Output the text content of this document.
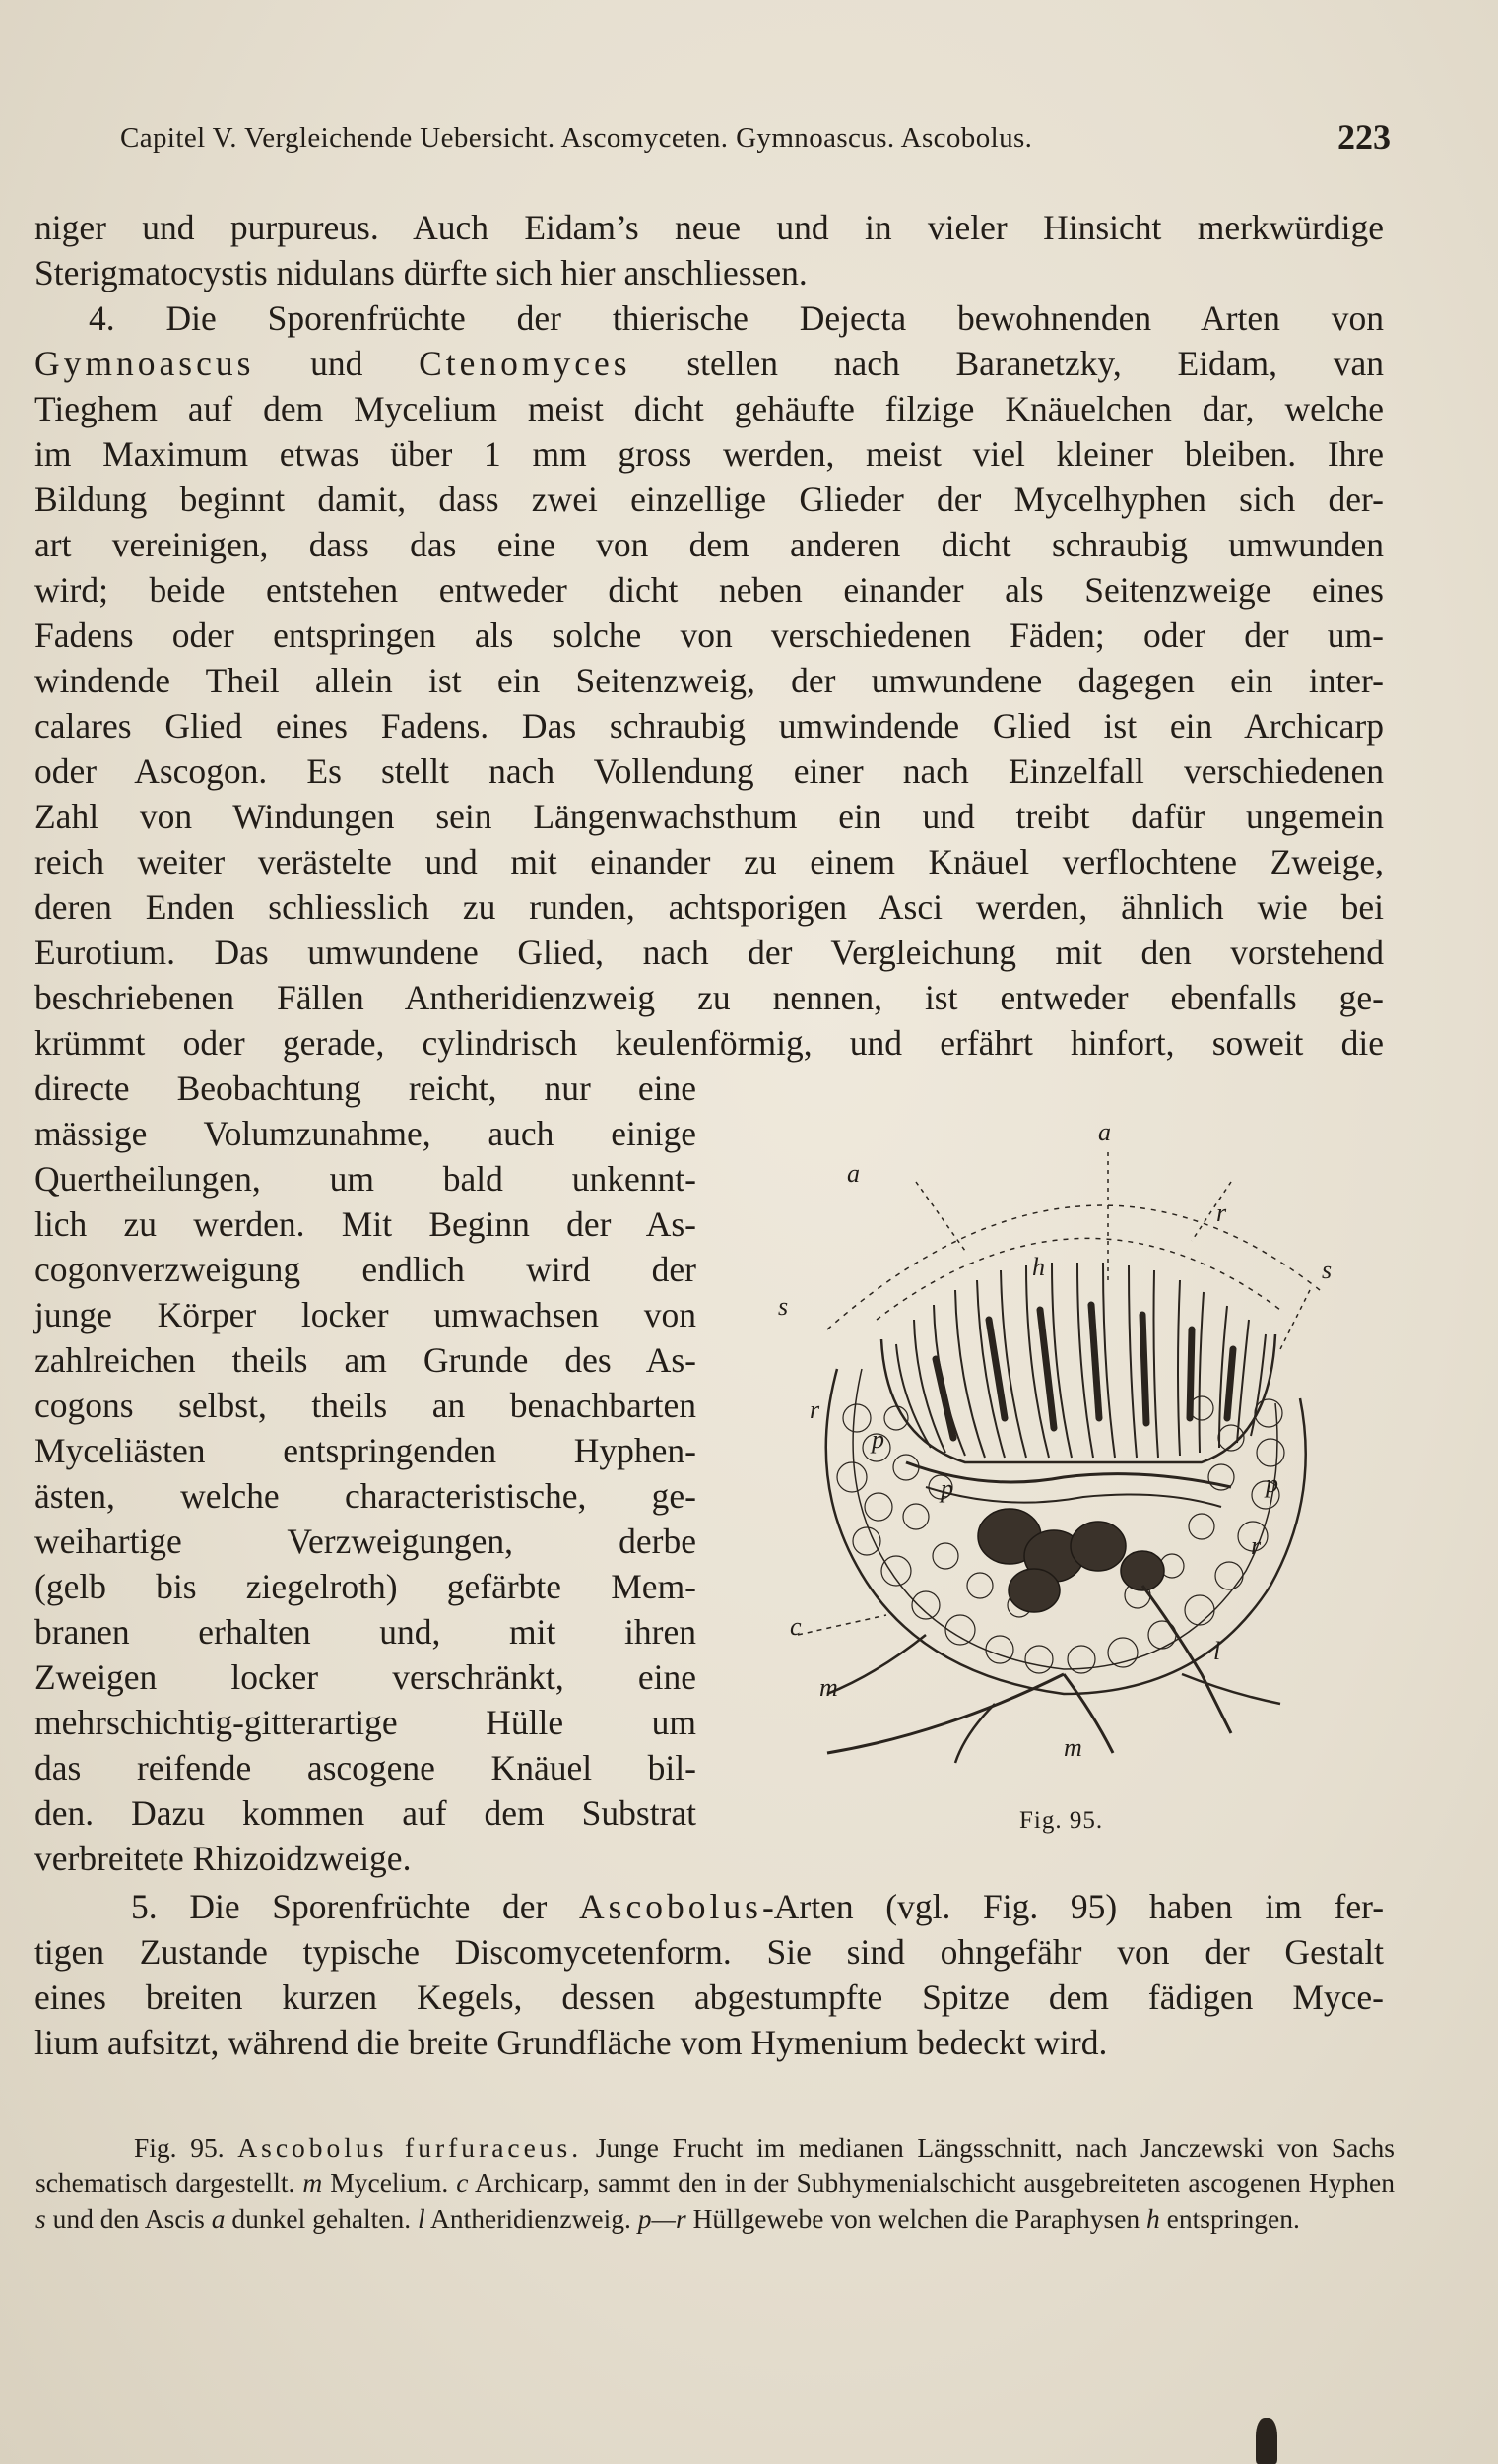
Capitel V. Vergleichende Uebersicht. Ascomyceten. Gymnoascus. Ascobolus.	223
niger und purpureus. Auch Eidam’s neue und in vieler Hinsicht merkwürdige
Sterigmatocystis nidulans dürfte sich hier anschliessen.
4. Die Sporenfrüchte der thierische Dejecta bewohnenden Arten von
Gymnoascus und Ctenomyces stellen nach Baranetzky, Eidam, van
Tieghem auf dem Mycelium meist dicht gehäufte filzige Knäuelchen dar, welche
im Maximum etwas über 1 mm gross werden, meist viel kleiner bleiben. Ihre
Bildung beginnt damit, dass zwei einzellige Glieder der Mycelhyphen sich der-
art vereinigen, dass das eine von dem anderen dicht schraubig umwunden
wird; beide entstehen entweder dicht neben einander als Seitenzweige eines
Fadens oder entspringen als solche von verschiedenen Fäden; oder der um-
windende Theil allein ist ein Seitenzweig, der umwundene dagegen ein inter-
calares Glied eines Fadens. Das schraubig umwindende Glied ist ein Archicarp
oder Ascogon. Es stellt nach Vollendung einer nach Einzelfall verschiedenen
Zahl von Windungen sein Längenwachsthum ein und treibt dafür ungemein
reich weiter verästelte und mit einander zu einem Knäuel verflochtene Zweige,
deren Enden schliesslich zu runden, achtsporigen Asci werden, ähnlich wie bei
Eurotium. Das umwundene Glied, nach der Vergleichung mit den vorstehend
beschriebenen Fällen Antheridienzweig zu nennen, ist entweder ebenfalls ge-
krümmt oder gerade, cylindrisch keulenförmig, und erfährt hinfort, soweit die
directe Beobachtung reicht, nur eine
mässige Volumzunahme, auch einige
Quertheilungen, um bald unkennt-
lich zu werden. Mit Beginn der As-
cogonverzweigung endlich wird der
junge Körper locker umwachsen von
zahlreichen theils am Grunde des As-
cogons selbst, theils an benachbarten
Myceliästen entspringenden Hyphen-
ästen, welche characteristische, ge-
weihartige Verzweigungen, derbe
(gelb bis ziegelroth) gefärbte Mem-
branen erhalten und, mit ihren
Zweigen locker verschränkt, eine
mehrschichtig-gitterartige Hülle um
das reifende ascogene Knäuel bil-
den. Dazu kommen auf dem Substrat
verbreitete Rhizoidzweige.
a
a
h
r
s
s
r
p
p	p
r
c
l
m
m
Fig. 95.
5. Die Sporenfrüchte der Ascobolus-Arten (vgl. Fig. 95) haben im fer-
tigen Zustande typische Discomycetenform. Sie sind ohngefähr von der Gestalt
eines breiten kurzen Kegels, dessen abgestumpfte Spitze dem fädigen Myce-
lium aufsitzt, während die breite Grundfläche vom Hymenium bedeckt wird.
Fig. 95. Ascobolus furfuraceus. Junge Frucht im medianen Längsschnitt, nach Janczewski von Sachs schematisch dargestellt. m Mycelium. c Archicarp, sammt den in der Subhymenialschicht ausgebreiteten ascogenen Hyphen s und den Ascis a dunkel gehalten. l Antheridienzweig. p—r Hüllgewebe von welchen die Paraphysen h entspringen.
